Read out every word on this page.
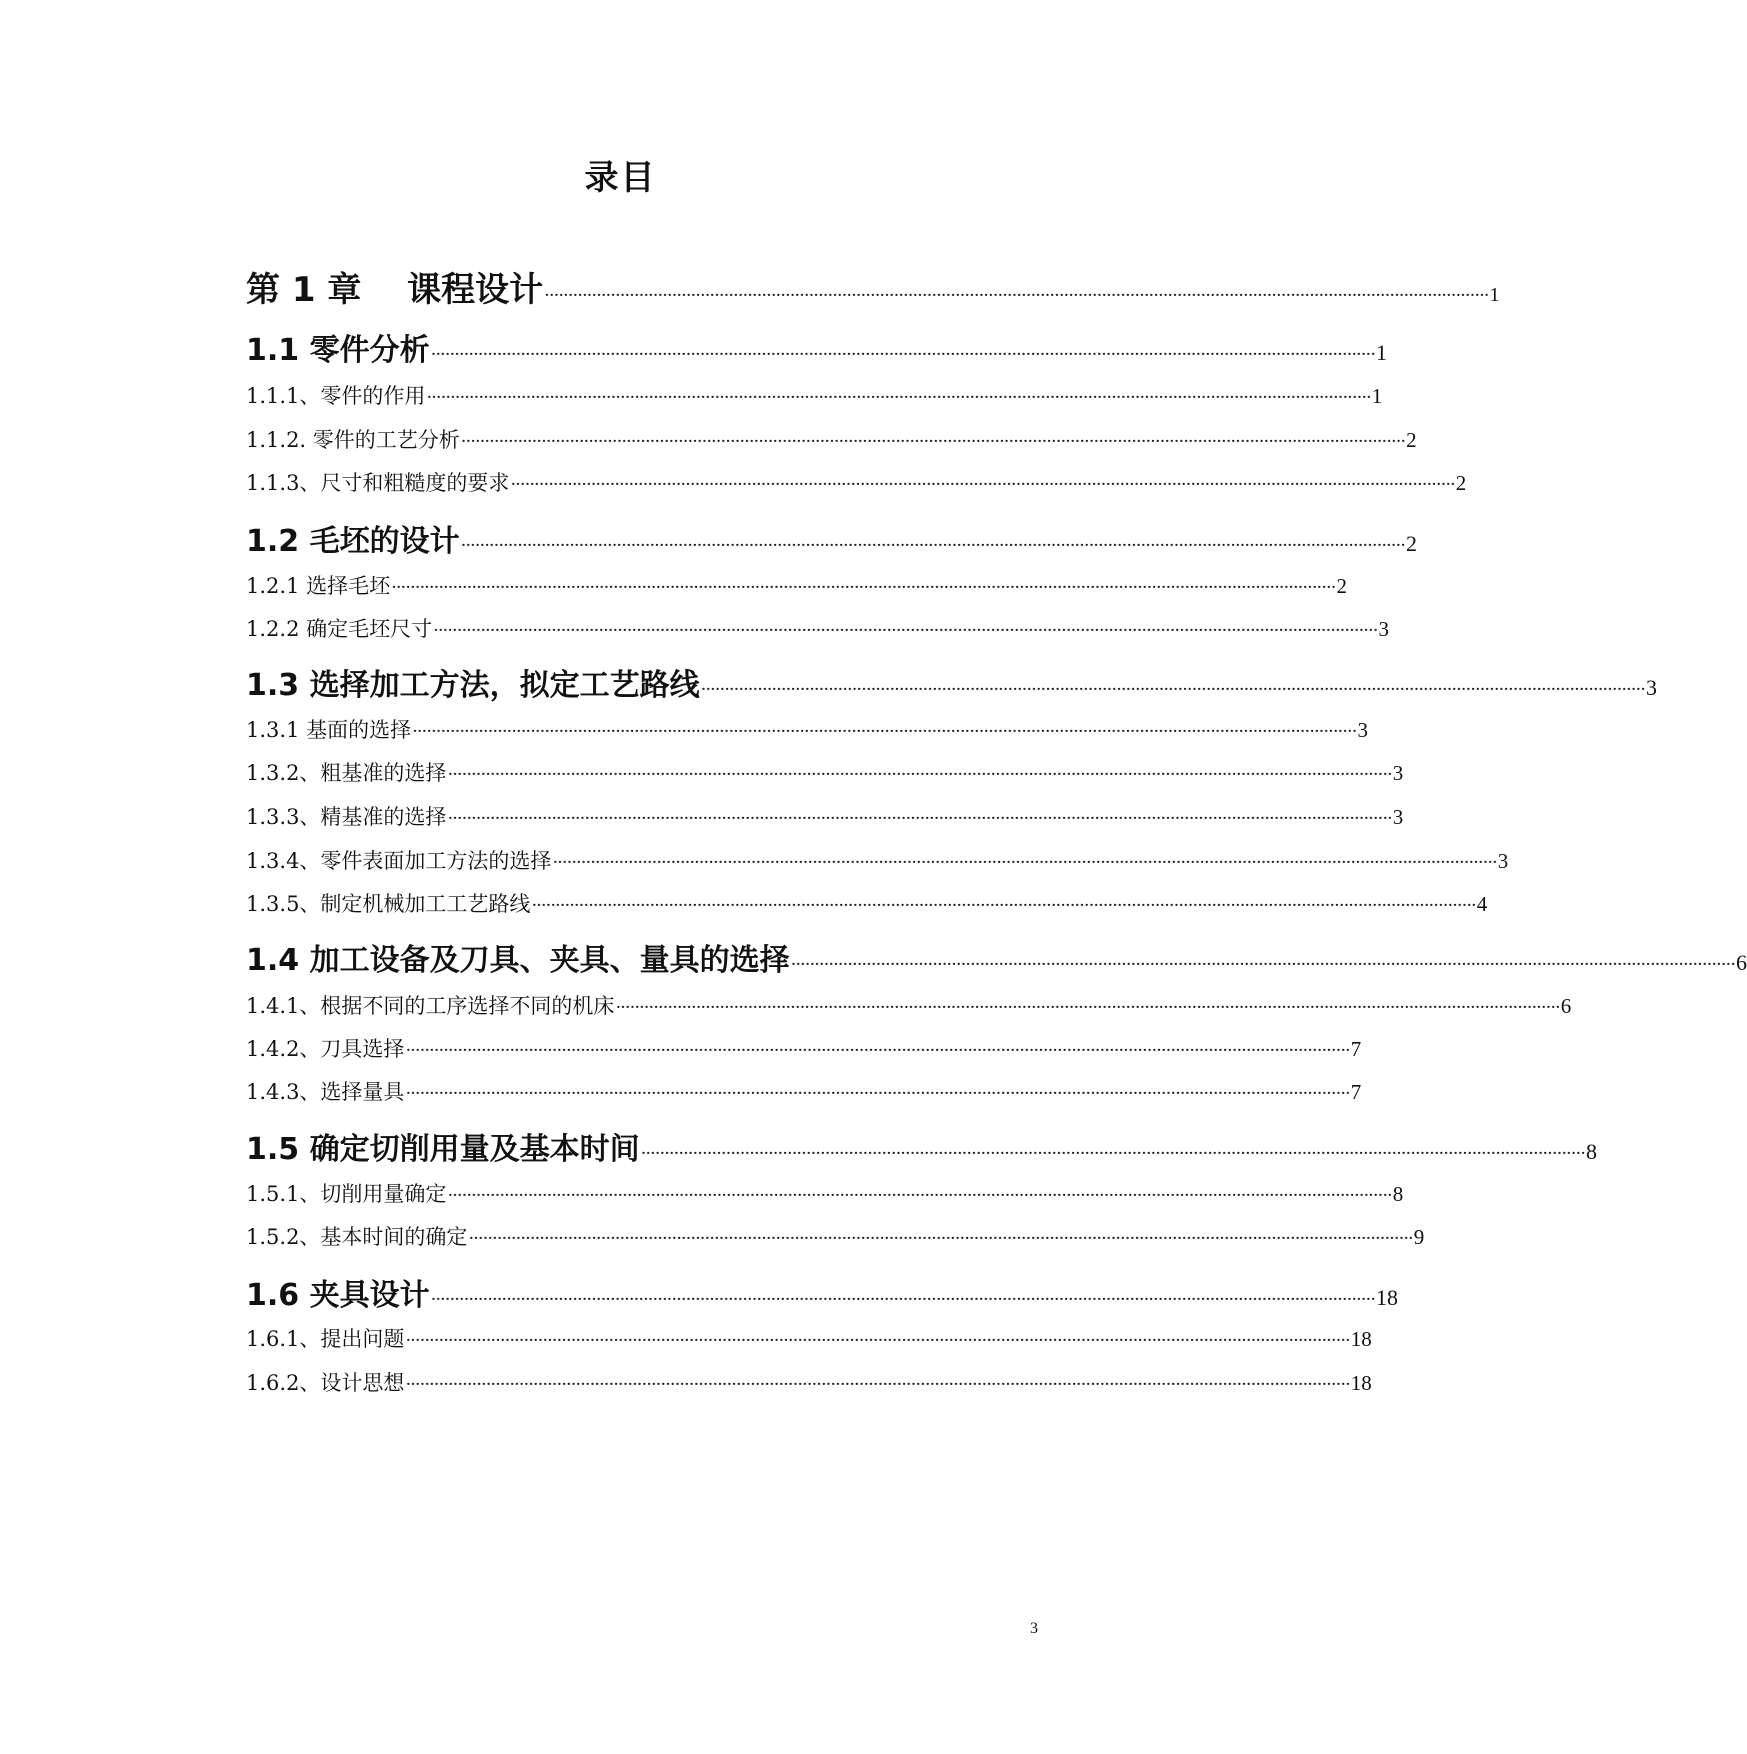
录目
第 1 章　 课程设计 ········································································································································································································ 1
1.1 零件分析 ········································································································································································································ 1
1.1.1、零件的作用 ········································································································································································································ 1
1.1.2. 零件的工艺分析 ········································································································································································································ 2
1.1.3、尺寸和粗糙度的要求 ········································································································································································································ 2
1.2 毛坯的设计 ········································································································································································································ 2
1.2.1 选择毛坯 ········································································································································································································ 2
1.2.2 确定毛坯尺寸 ········································································································································································································ 3
1.3 选择加工方法，拟定工艺路线 ········································································································································································································ 3
1.3.1 基面的选择 ········································································································································································································ 3
1.3.2、粗基准的选择 ········································································································································································································ 3
1.3.3、精基准的选择 ········································································································································································································ 3
1.3.4、零件表面加工方法的选择 ········································································································································································································ 3
1.3.5、制定机械加工工艺路线 ········································································································································································································ 4
1.4 加工设备及刀具、夹具、量具的选择 ········································································································································································································ 6
1.4.1、根据不同的工序选择不同的机床 ········································································································································································································ 6
1.4.2、刀具选择 ········································································································································································································ 7
1.4.3、选择量具 ········································································································································································································ 7
1.5 确定切削用量及基本时间 ········································································································································································································ 8
1.5.1、切削用量确定 ········································································································································································································ 8
1.5.2、基本时间的确定 ········································································································································································································ 9
1.6 夹具设计 ········································································································································································································ 18
1.6.1、提出问题 ········································································································································································································ 18
1.6.2、设计思想 ········································································································································································································ 18
3
